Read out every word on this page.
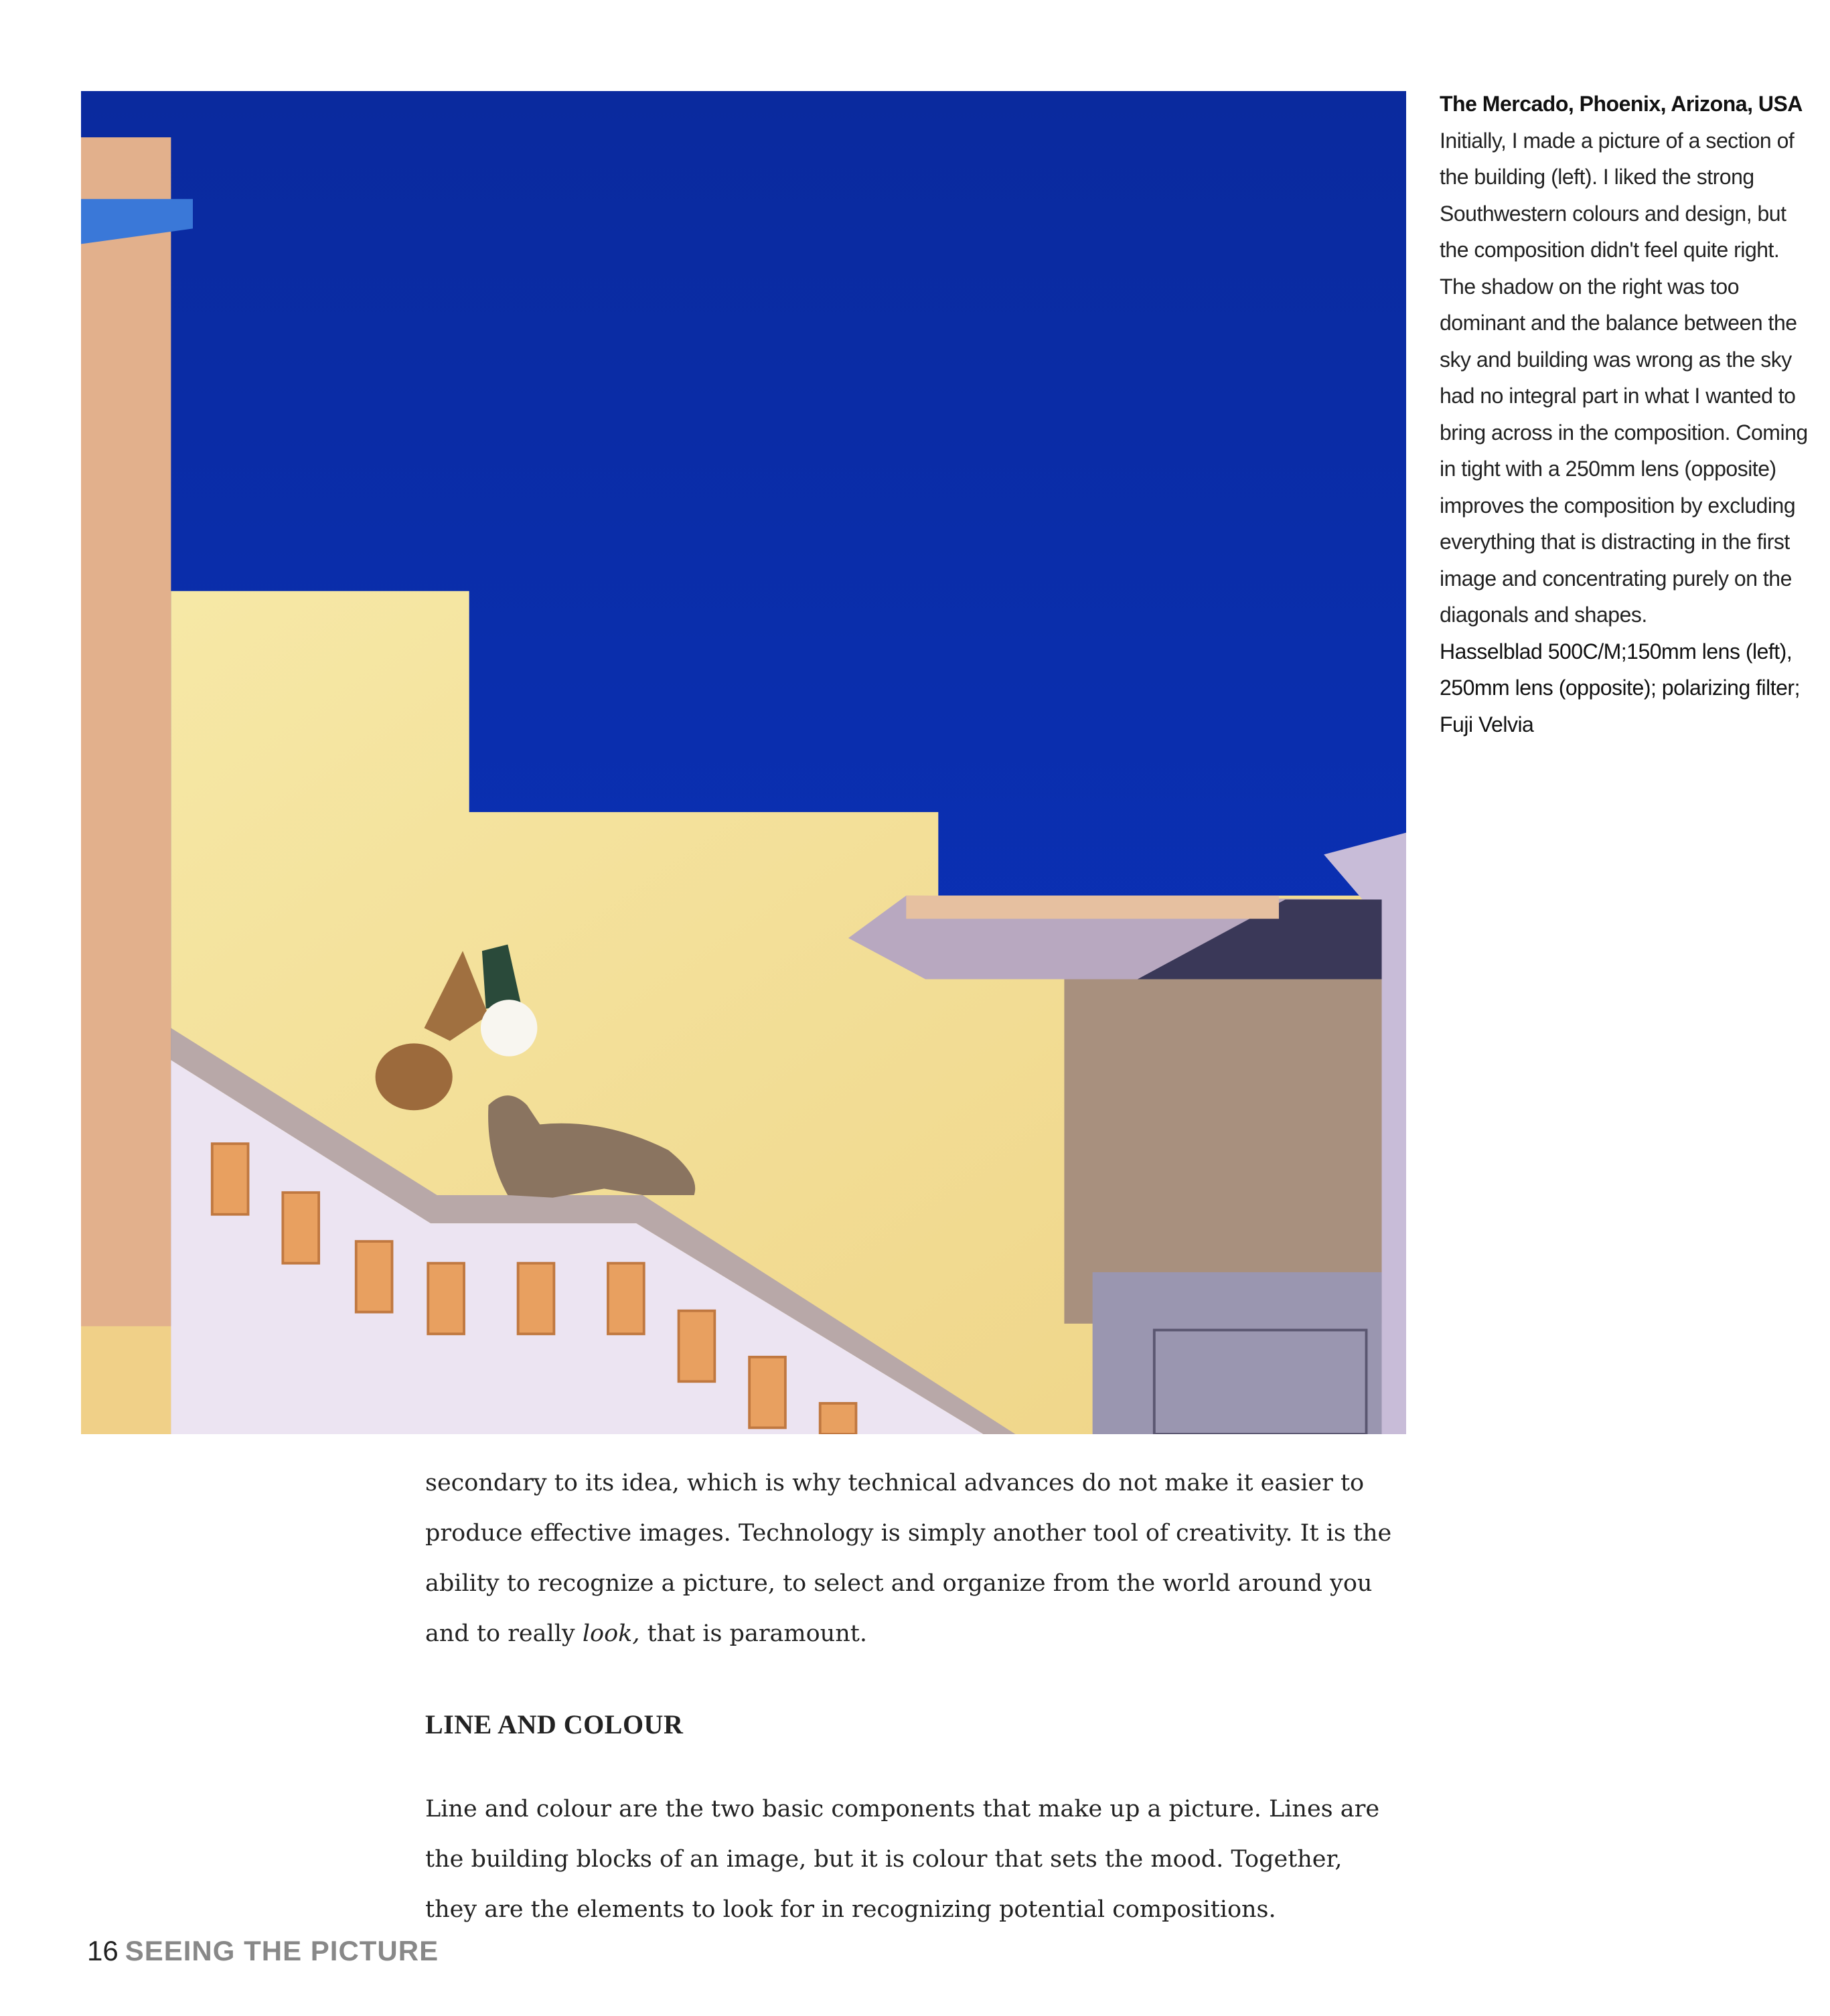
The Mercado, Phoenix, Arizona, USA
Initially, I made a picture of a section of the building (left). I liked the strong Southwestern colours and design, but the composition didn't feel quite right. The shadow on the right was too dominant and the balance between the sky and building was wrong as the sky had no integral part in what I wanted to bring across in the composition. Coming in tight with a 250mm lens (opposite) improves the composition by excluding everything that is distracting in the first image and concentrating purely on the diagonals and shapes.
Hasselblad 500C/M;150mm lens (left), 250mm lens (opposite); polarizing filter; Fuji Velvia

secondary to its idea, which is why technical advances do not make it easier to produce effective images. Technology is simply another tool of creativity. It is the ability to recognize a picture, to select and organize from the world around you and to really look, that is paramount.

LINE AND COLOUR

Line and colour are the two basic components that make up a picture. Lines are the building blocks of an image, but it is colour that sets the mood. Together, they are the elements to look for in recognizing potential compositions.

16 SEEING THE PICTURE
